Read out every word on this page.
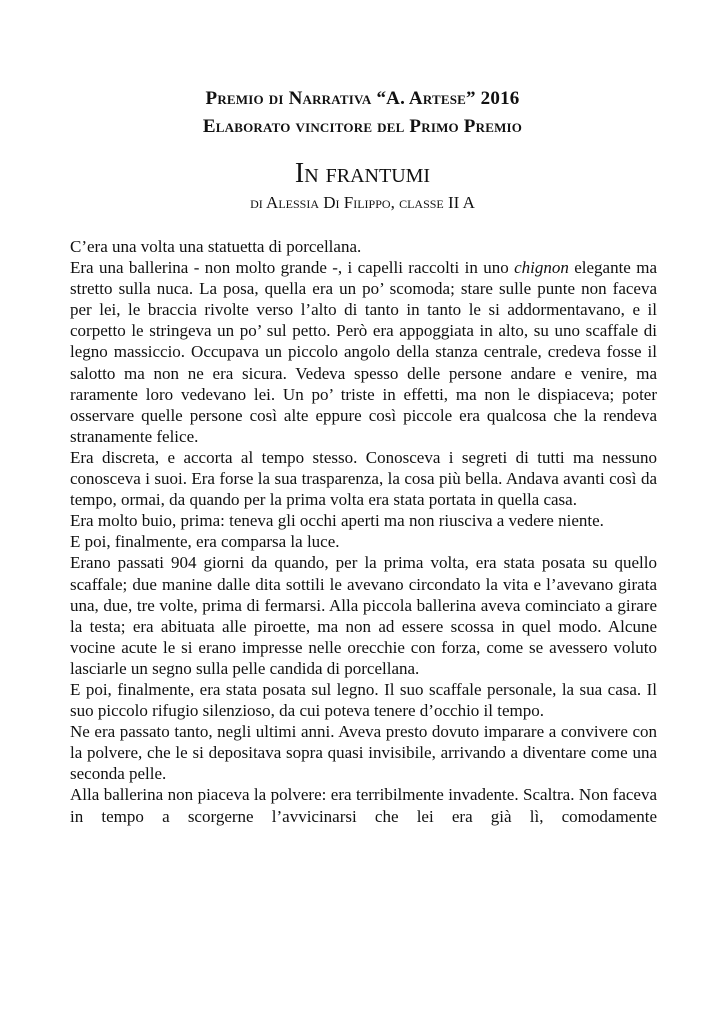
Premio di Narrativa “A. Artese” 2016
Elaborato vincitore del Primo Premio
In frantumi
di Alessia Di Filippo, classe II A

C’era una volta una statuetta di porcellana.

Era una ballerina - non molto grande -, i capelli raccolti in uno chignon elegante ma stretto sulla nuca. La posa, quella era un po’ scomoda; stare sulle punte non faceva per lei, le braccia rivolte verso l’alto di tanto in tanto le si addormentavano, e il corpetto le stringeva un po’ sul petto. Però era appoggiata in alto, su uno scaffale di legno massiccio. Occupava un piccolo angolo della stanza centrale, credeva fosse il salotto ma non ne era sicura. Vedeva spesso delle persone andare e venire, ma raramente loro vedevano lei. Un po’ triste in effetti, ma non le dispiaceva; poter osservare quelle persone così alte eppure così piccole era qualcosa che la rendeva stranamente felice.

Era discreta, e accorta al tempo stesso. Conosceva i segreti di tutti ma nessuno conosceva i suoi. Era forse la sua trasparenza, la cosa più bella. Andava avanti così da tempo, ormai, da quando per la prima volta era stata portata in quella casa.

Era molto buio, prima: teneva gli occhi aperti ma non riusciva a vedere niente.

E poi, finalmente, era comparsa la luce.

Erano passati 904 giorni da quando, per la prima volta, era stata posata su quello scaffale; due manine dalle dita sottili le avevano circondato la vita e l’avevano girata una, due, tre volte, prima di fermarsi. Alla piccola ballerina aveva cominciato a girare la testa; era abituata alle piroette, ma non ad essere scossa in quel modo. Alcune vocine acute le si erano impresse nelle orecchie con forza, come se avessero voluto lasciarle un segno sulla pelle candida di porcellana.

E poi, finalmente, era stata posata sul legno. Il suo scaffale personale, la sua casa. Il suo piccolo rifugio silenzioso, da cui poteva tenere d’occhio il tempo.

Ne era passato tanto, negli ultimi anni. Aveva presto dovuto imparare a convivere con la polvere, che le si depositava sopra quasi invisibile, arrivando a diventare come una seconda pelle.

Alla ballerina non piaceva la polvere: era terribilmente invadente. Scaltra. Non faceva in tempo a scorgerne l’avvicinarsi che lei era già lì, comodamente
